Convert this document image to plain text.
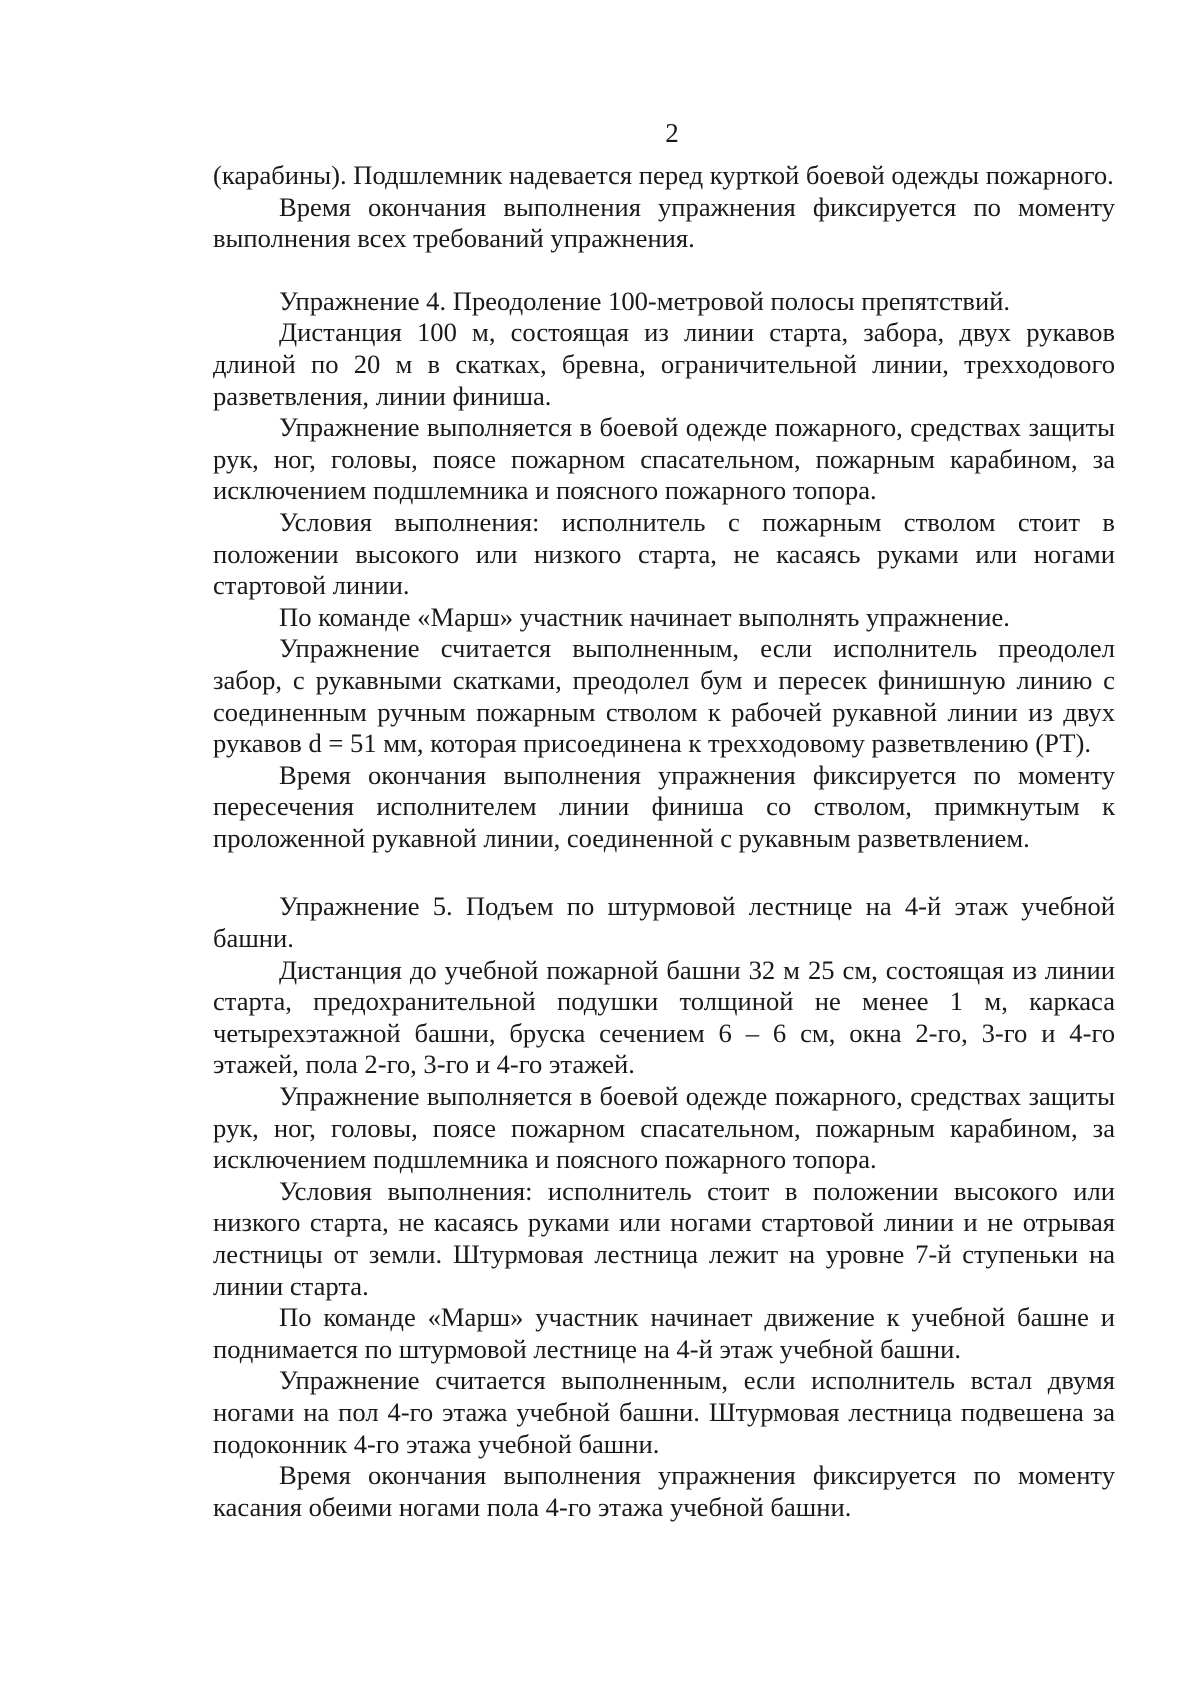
2

(карабины). Подшлемник надевается перед курткой боевой одежды пожарного.

Время окончания выполнения упражнения фиксируется по моменту выполнения всех требований упражнения.

Упражнение 4. Преодоление 100-метровой полосы препятствий.

Дистанция 100 м, состоящая из линии старта, забора, двух рукавов длиной по 20 м в скатках, бревна, ограничительной линии, трехходового разветвления, линии финиша.

Упражнение выполняется в боевой одежде пожарного, средствах защиты рук, ног, головы, поясе пожарном спасательном, пожарным карабином, за исключением подшлемника и поясного пожарного топора.

Условия выполнения: исполнитель с пожарным стволом стоит в положении высокого или низкого старта, не касаясь руками или ногами стартовой линии.

По команде «Марш» участник начинает выполнять упражнение.

Упражнение считается выполненным, если исполнитель преодолел забор, с рукавными скатками, преодолел бум и пересек финишную линию с соединенным ручным пожарным стволом к рабочей рукавной линии из двух рукавов d = 51 мм, которая присоединена к трехходовому разветвлению (РТ).

Время окончания выполнения упражнения фиксируется по моменту пересечения исполнителем линии финиша со стволом, примкнутым к проложенной рукавной линии, соединенной с рукавным разветвлением.

Упражнение 5. Подъем по штурмовой лестнице на 4-й этаж учебной башни.

Дистанция до учебной пожарной башни 32 м 25 см, состоящая из линии старта, предохранительной подушки толщиной не менее 1 м, каркаса четырехэтажной башни, бруска сечением 6 – 6 см, окна 2-го, 3-го и 4-го этажей, пола 2-го, 3-го и 4-го этажей.

Упражнение выполняется в боевой одежде пожарного, средствах защиты рук, ног, головы, поясе пожарном спасательном, пожарным карабином, за исключением подшлемника и поясного пожарного топора.

Условия выполнения: исполнитель стоит в положении высокого или низкого старта, не касаясь руками или ногами стартовой линии и не отрывая лестницы от земли. Штурмовая лестница лежит на уровне 7-й ступеньки на линии старта.

По команде «Марш» участник начинает движение к учебной башне и поднимается по штурмовой лестнице на 4-й этаж учебной башни.

Упражнение считается выполненным, если исполнитель встал двумя ногами на пол 4-го этажа учебной башни. Штурмовая лестница подвешена за подоконник 4-го этажа учебной башни.

Время окончания выполнения упражнения фиксируется по моменту касания обеими ногами пола 4-го этажа учебной башни.
